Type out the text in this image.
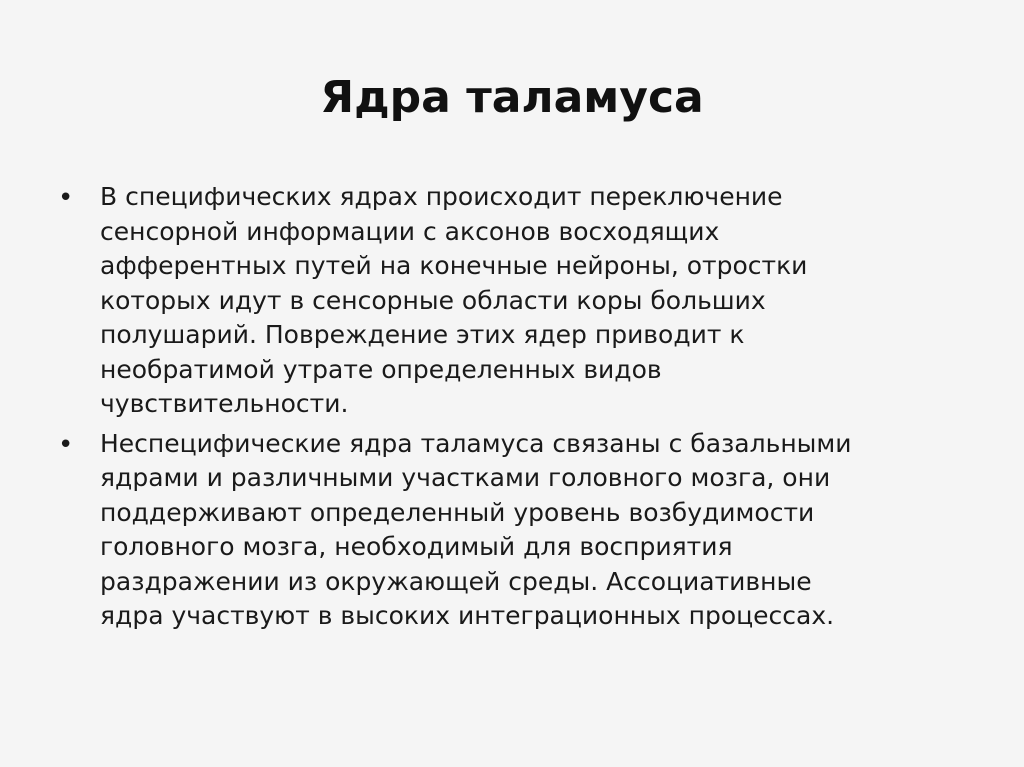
Ядра таламуса
• В специфических ядрах происходит переключение
сенсорной информации с аксонов восходящих
афферентных путей на конечные нейроны, отростки
которых идут в сенсорные области коры больших
полушарий. Повреждение этих ядер приводит к
необратимой утрате определенных видов
чувствительности.
• Неспецифические ядра таламуса связаны с базальными
ядрами и различными участками головного мозга, они
поддерживают определенный уровень возбудимости
головного мозга, необходимый для восприятия
раздражении из окружающей среды. Ассоциативные
ядра участвуют в высоких интеграционных процессах.
